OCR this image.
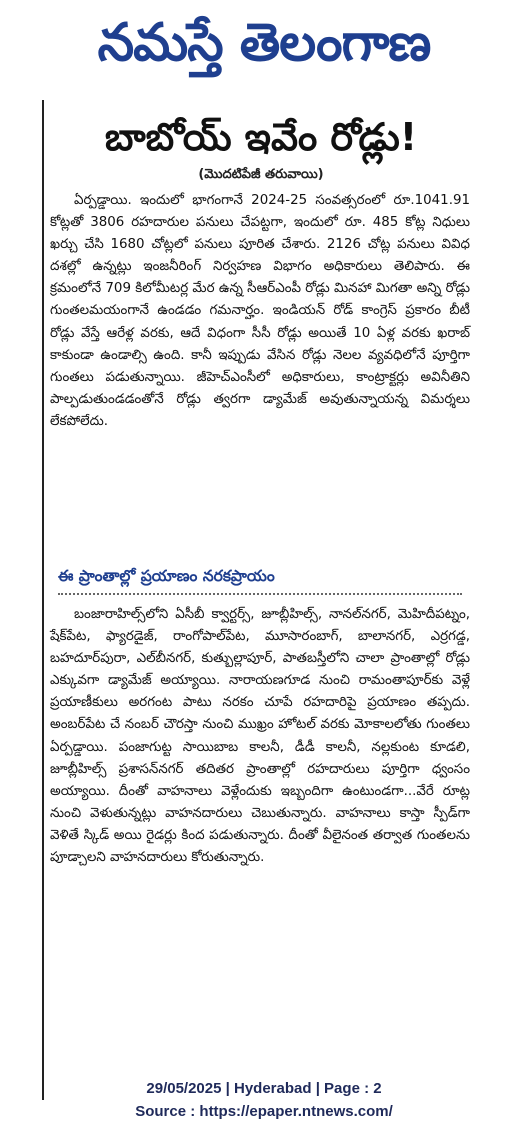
నమస్తే తెలంగాణ
బాబోయ్ ఇవేం రోడ్లు!
(మొదటిపేజీ తరువాయి)

ఏర్పడ్డాయి. ఇందులో భాగంగానే 2024-25 సంవత్సరంలో రూ.1041.91 కోట్లతో 3806 రహదారుల పనులు చేపట్టగా, ఇందులో రూ. 485 కోట్ల నిధులు ఖర్చు చేసి 1680 చోట్లలో పనులు పూరిత చేశారు. 2126 చోట్ల పనులు వివిధ దశల్లో ఉన్నట్లు ఇంజనీరింగ్ నిర్వహణ విభాగం అధికారులు తెలిపారు. ఈ క్రమంలోనే 709 కిలోమీటర్ల మేర ఉన్న సీఆర్ఎంపీ రోడ్లు మినహా మిగతా అన్ని రోడ్లు గుంతలమయంగానే ఉండడం గమనార్హం. ఇండియన్ రోడ్ కాంగ్రెస్ ప్రకారం బీటీ రోడ్లు వేస్తే ఆరేళ్ల వరకు, ఆదే విధంగా సీసీ రోడ్లు అయితే 10 ఏళ్ల వరకు ఖరాబ్ కాకుండా ఉండాల్సి ఉంది. కానీ ఇప్పుడు వేసిన రోడ్లు నెలల వ్యవధిలోనే పూర్తిగా గుంతలు పడుతున్నాయి. జీహెచ్ఎంసీలో అధికారులు, కాంట్రాక్టర్లు అవినీతిని పాల్పడుతుండడంతోనే రోడ్లు త్వరగా డ్యామేజ్ అవుతున్నాయన్న విమర్శలు లేకపోలేదు.

ఈ ప్రాంతాల్లో ప్రయాణం నరకప్రాయం

బంజారాహిల్స్‌లోని ఏసీబీ క్వార్టర్స్, జూబ్లీహిల్స్, నానల్‌నగర్, మెహిదీపట్నం, షేక్‌పేట, ఫ్యారడైజ్, రాంగోపాల్‌పేట, మూసారంబాగ్, బాలానగర్, ఎర్రగడ్డ, బహదూర్‌పురా, ఎల్‌బీనగర్, కుత్బుల్లాపూర్, పాతబస్తీలోని చాలా ప్రాంతాల్లో రోడ్లు ఎక్కువగా డ్యామేజ్ అయ్యాయి. నారాయణగూడ నుంచి రామంతాపూర్‌కు వెళ్లే ప్రయాణీకులు అరగంట పాటు నరకం చూపే రహదారిపై ప్రయాణం తప్పదు. అంబర్‌పేట చే నంబర్ చౌరస్తా నుంచి ముఖ్రం హోటల్ వరకు మోకాలలోతు గుంతలు ఏర్పడ్డాయి. పంజాగుట్ట సాయిబాబ కాలనీ, డీడీ కాలనీ, నల్లకుంట కూడలి, జూబ్లీహిల్స్ ప్రశాసన్‌నగర్ తదితర ప్రాంతాల్లో రహదారులు పూర్తిగా ధ్వంసం అయ్యాయి. దీంతో వాహనాలు వెళ్లేందుకు ఇబ్బందిగా ఉంటుండగా...వేరే రూట్ల నుంచి వెళుతున్నట్లు వాహనదారులు చెబుతున్నారు. వాహనాలు కాస్తా స్పీడ్‌గా వెళితే స్కిడ్ అయి రైడర్లు కింద పడుతున్నారు. దీంతో వీలైనంత తర్వాత గుంతలను పూడ్చాలని వాహనదారులు కోరుతున్నారు.

29/05/2025 | Hyderabad | Page : 2
Source : https://epaper.ntnews.com/
